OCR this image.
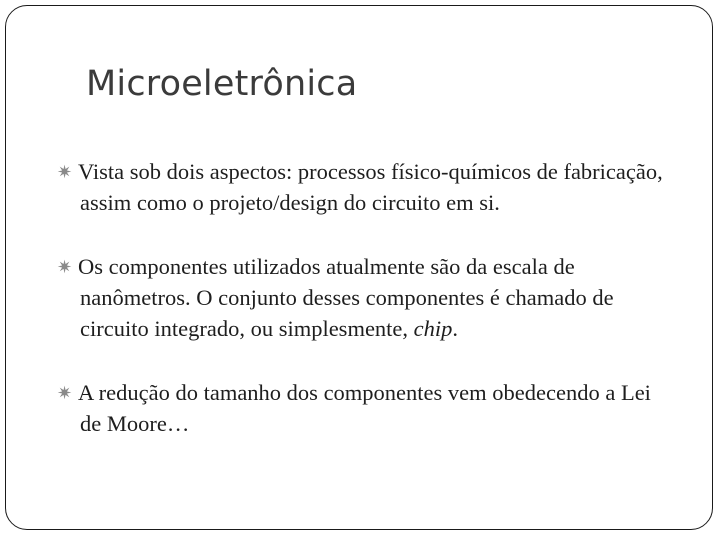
Microeletrônica
✷ Vista sob dois aspectos: processos físico-químicos de fabricação, assim como o projeto/design do circuito em si.
✷ Os componentes utilizados atualmente são da escala de nanômetros. O conjunto desses componentes é chamado de circuito integrado, ou simplesmente, chip.
✷ A redução do tamanho dos componentes vem obedecendo a Lei de Moore…
